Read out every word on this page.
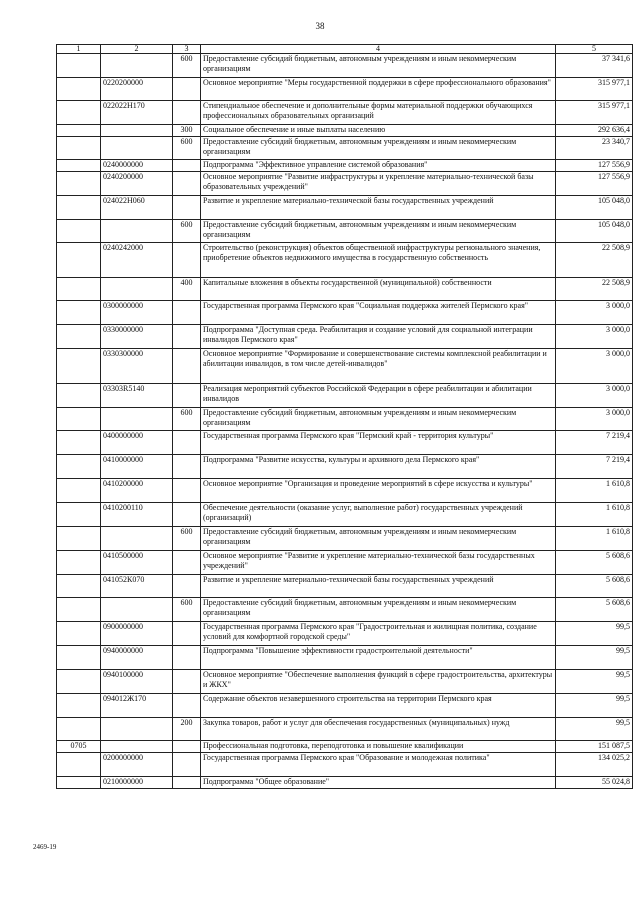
38
1	2	3	4	5
		600	Предоставление субсидий бюджетным, автономным учреждениям и иным некоммерческим организациям	37 341,6
	0220200000		Основное мероприятие "Меры государственной поддержки в сфере профессионального образования"	315 977,1
	022022Н170		Стипендиальное обеспечение и дополнительные формы материальной поддержки обучающихся профессиональных образовательных организаций	315 977,1
		300	Социальное обеспечение и иные выплаты населению	292 636,4
		600	Предоставление субсидий бюджетным, автономным учреждениям и иным некоммерческим организациям	23 340,7
	0240000000		Подпрограмма "Эффективное управление системой образования"	127 556,9
	0240200000		Основное мероприятие "Развитие инфраструктуры и укрепление материально-технической базы образовательных учреждений"	127 556,9
	024022Н060		Развитие и укрепление материально-технической базы государственных учреждений	105 048,0
		600	Предоставление субсидий бюджетным, автономным учреждениям и иным некоммерческим организациям	105 048,0
	0240242000		Строительство (реконструкция) объектов общественной инфраструктуры регионального значения, приобретение объектов недвижимого имущества в государственную собственность	22 508,9
		400	Капитальные вложения в объекты государственной (муниципальной) собственности	22 508,9
	0300000000		Государственная программа Пермского края "Социальная поддержка жителей Пермского края"	3 000,0
	0330000000		Подпрограмма "Доступная среда. Реабилитация и создание условий для социальной интеграции инвалидов Пермского края"	3 000,0
	0330300000		Основное мероприятие "Формирование и совершенствование системы комплексной реабилитации и абилитации инвалидов, в том числе детей-инвалидов"	3 000,0
	03303R5140		Реализация мероприятий субъектов Российской Федерации в сфере реабилитации и абилитации инвалидов	3 000,0
		600	Предоставление субсидий бюджетным, автономным учреждениям и иным некоммерческим организациям	3 000,0
	0400000000		Государственная программа Пермского края "Пермский край - территория культуры"	7 219,4
	0410000000		Подпрограмма "Развитие искусства, культуры и архивного дела Пермского края"	7 219,4
	0410200000		Основное мероприятие "Организация и проведение мероприятий в сфере искусства и культуры"	1 610,8
	0410200110		Обеспечение деятельности (оказание услуг, выполнение работ) государственных учреждений (организаций)	1 610,8
		600	Предоставление субсидий бюджетным, автономным учреждениям и иным некоммерческим организациям	1 610,8
	0410500000		Основное мероприятие "Развитие и укрепление материально-технической базы государственных учреждений"	5 608,6
	041052К070		Развитие и укрепление материально-технической базы государственных учреждений	5 608,6
		600	Предоставление субсидий бюджетным, автономным учреждениям и иным некоммерческим организациям	5 608,6
	0900000000		Государственная программа Пермского края "Градостроительная и жилищная политика, создание условий для комфортной городской среды"	99,5
	0940000000		Подпрограмма "Повышение эффективности градостроительной деятельности"	99,5
	0940100000		Основное мероприятие "Обеспечение выполнения функций в сфере градостроительства, архитектуры и ЖКХ"	99,5
	094012Ж170		Содержание объектов незавершенного строительства на территории Пермского края	99,5
		200	Закупка товаров, работ и услуг для обеспечения государственных (муниципальных) нужд	99,5
0705			Профессиональная подготовка, переподготовка и повышение квалификации	151 087,5
	0200000000		Государственная программа Пермского края "Образование и молодежная политика"	134 025,2
	0210000000		Подпрограмма "Общее образование"	55 024,8
2469-19
